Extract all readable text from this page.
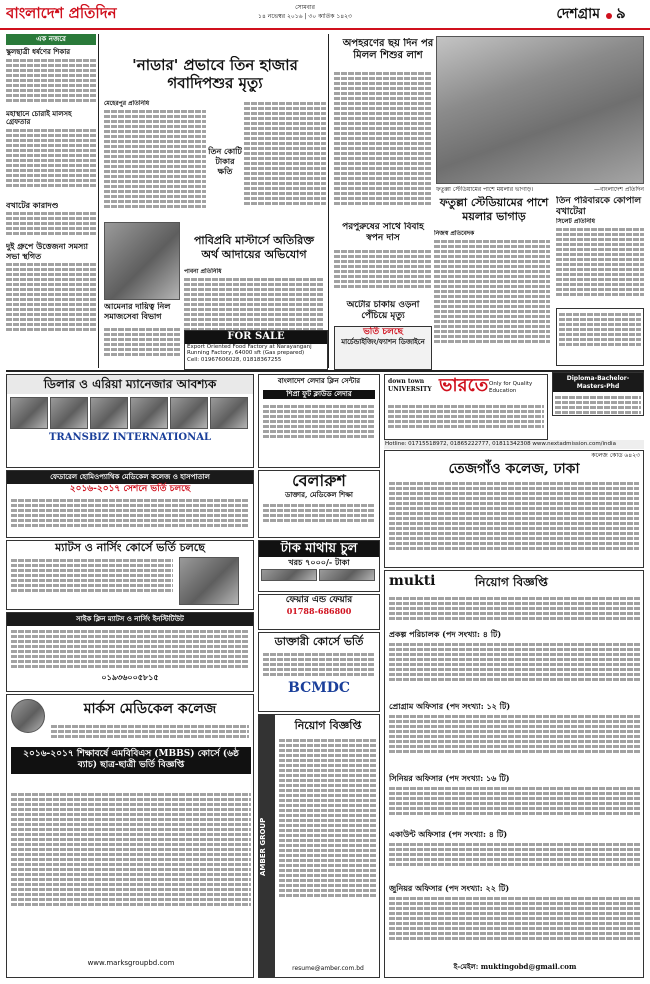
বাংলাদেশ প্রতিদিন	সোমবার
১৪ নভেম্বর ২০১৬ | ৩০ কার্তিক ১৪২৩	দেশগ্রাম ৯
এক নজরে
স্কুলছাত্রী ধর্ষণের শিকার
মহাস্থানে চোরাই মালসহ গ্রেফতার
বখাটের কারাদণ্ড
দুই গ্রুপে উত্তেজনা সমস্যা সভা স্থগিত
'নাডার' প্রভাবে তিন হাজার গবাদিপশুর মৃত্যু
মেহেরপুর প্রতিনিধি
তিন কোটি টাকার ক্ষতি
পাবিপ্রবি মাস্টার্সে অতিরিক্ত অর্থ আদায়ের অভিযোগ
পাবনা প্রতিনিধি
আমেনার দায়িত্ব নিল সমাজসেবা বিভাগ
অপহরণের ছয় দিন পর মিলল শিশুর লাশ
ফতুল্লা স্টেডিয়ামের পাশে ময়লার ভাগাড়।	—বাংলাদেশ প্রতিদিন
ফতুল্লা স্টেডিয়ামের পাশে ময়লার ভাগাড়
নিজস্ব প্রতিবেদক
তিন পরিবারকে কোপাল বখাটেরা
সিলেট প্রতিনিধি
পরপুরুষের সাথে বিবাহ স্বপন দাস
অটোর চাকায় ওড়না পেঁচিয়ে মৃত্যু
FOR SALE
Export Oriented Food Factory at Narayanganj
Running Factory, 64000 sft (Gas prepared)
Cell: 01967606028, 01818367255
ভর্তি চলছে
মার্চেন্ডাইজিং/ফ্যাশন ডিজাইনে
Diploma-Bachelor-Masters-Phd
ডিলার ও এরিয়া ম্যানেজার আবশ্যক
TRANSBIZ INTERNATIONAL
বাংলাদেশ লেদার ক্লিন সেন্টার
শিপ্রা ফুট ক্লাউড লেদার
down town UNIVERSITY ভারতে Only for Quality Education
Hotline: 01715518972, 01865222777, 01811342308 www.nextadmission.com/india
কলেজ কোড ৬৪২৩
তেজগাঁও কলেজ, ঢাকা
ফেডারেল হোমিওপ্যাথিক মেডিকেল কলেজ ও হাসপাতাল
২০১৬-২০১৭ সেশনে ভর্তি চলছে	বেলারুশ
ডাক্তার, মেডিকেল শিক্ষা
ম্যাটস ও নার্সিং কোর্সে ভর্তি চলছে	টাক মাথায় চুল
খরচ ৭০০০/- টাকা
ফেয়ার এন্ড ফেয়ার
01788-686800
সাইক ক্লিন ম্যাটস ও নার্সিং ইনস্টিটিউট
০১৯৩৬০০৫৮১৫
ডাক্তারী কোর্সে ভর্তি
BCMDC
mukti	নিয়োগ বিজ্ঞপ্তি
প্রকল্প পরিচালক (পদ সংখ্যা: ৪ টি)
প্রোগ্রাম অফিসার (পদ সংখ্যা: ১২ টি)
সিনিয়র অফিসার (পদ সংখ্যা: ১৬ টি)
একাউন্ট অফিসার (পদ সংখ্যা: ৪ টি)
জুনিয়র অফিসার (পদ সংখ্যা: ২২ টি)
ই-মেইল: muktingobd@gmail.com
মার্কস মেডিকেল কলেজ
২০১৬-২০১৭ শিক্ষাবর্ষে এমবিবিএস (MBBS) কোর্সে (৬ষ্ঠ ব্যাচ) ছাত্র-ছাত্রী ভর্তি বিজ্ঞপ্তি
www.marksgroupbd.com
AMBER GROUP
নিয়োগ বিজ্ঞপ্তি
resume@amber.com.bd
